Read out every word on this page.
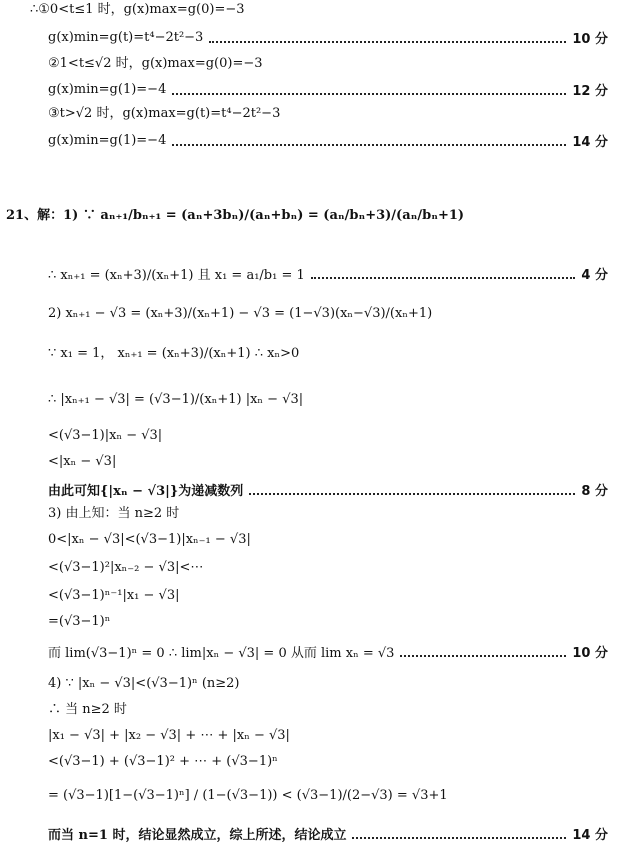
∴①0<t≤1 时，g(x)max=g(0)=−3
g(x)min=g(t)=t⁴−2t²−3	10 分
②1<t≤√2 时，g(x)max=g(0)=−3
g(x)min=g(1)=−4	12 分
③t>√2 时，g(x)max=g(t)=t⁴−2t²−3
g(x)min=g(1)=−4	14 分
21、解：1) ∵ aₙ₊₁/bₙ₊₁ = (aₙ+3bₙ)/(aₙ+bₙ) = (aₙ/bₙ+3)/(aₙ/bₙ+1)
∴ xₙ₊₁ = (xₙ+3)/(xₙ+1) 且 x₁ = a₁/b₁ = 1	4 分
2) xₙ₊₁ − √3 = (xₙ+3)/(xₙ+1) − √3 = (1−√3)(xₙ−√3)/(xₙ+1)
∵ x₁ = 1， xₙ₊₁ = (xₙ+3)/(xₙ+1) ∴ xₙ>0
∴ |xₙ₊₁ − √3| = (√3−1)/(xₙ+1) |xₙ − √3|
<(√3−1)|xₙ − √3|
<|xₙ − √3|
由此可知{|xₙ − √3|}为递减数列	8 分
3) 由上知：当 n≥2 时
0<|xₙ − √3|<(√3−1)|xₙ₋₁ − √3|
<(√3−1)²|xₙ₋₂ − √3|<⋯
<(√3−1)ⁿ⁻¹|x₁ − √3|
=(√3−1)ⁿ
而 lim(√3−1)ⁿ = 0 ∴ lim|xₙ − √3| = 0 从而 lim xₙ = √3	10 分
4) ∵ |xₙ − √3|<(√3−1)ⁿ (n≥2)
∴ 当 n≥2 时
|x₁ − √3| + |x₂ − √3| + ⋯ + |xₙ − √3|
<(√3−1) + (√3−1)² + ⋯ + (√3−1)ⁿ
= (√3−1)[1−(√3−1)ⁿ] / (1−(√3−1)) < (√3−1)/(2−√3) = √3+1
而当 n=1 时，结论显然成立，综上所述，结论成立	14 分
